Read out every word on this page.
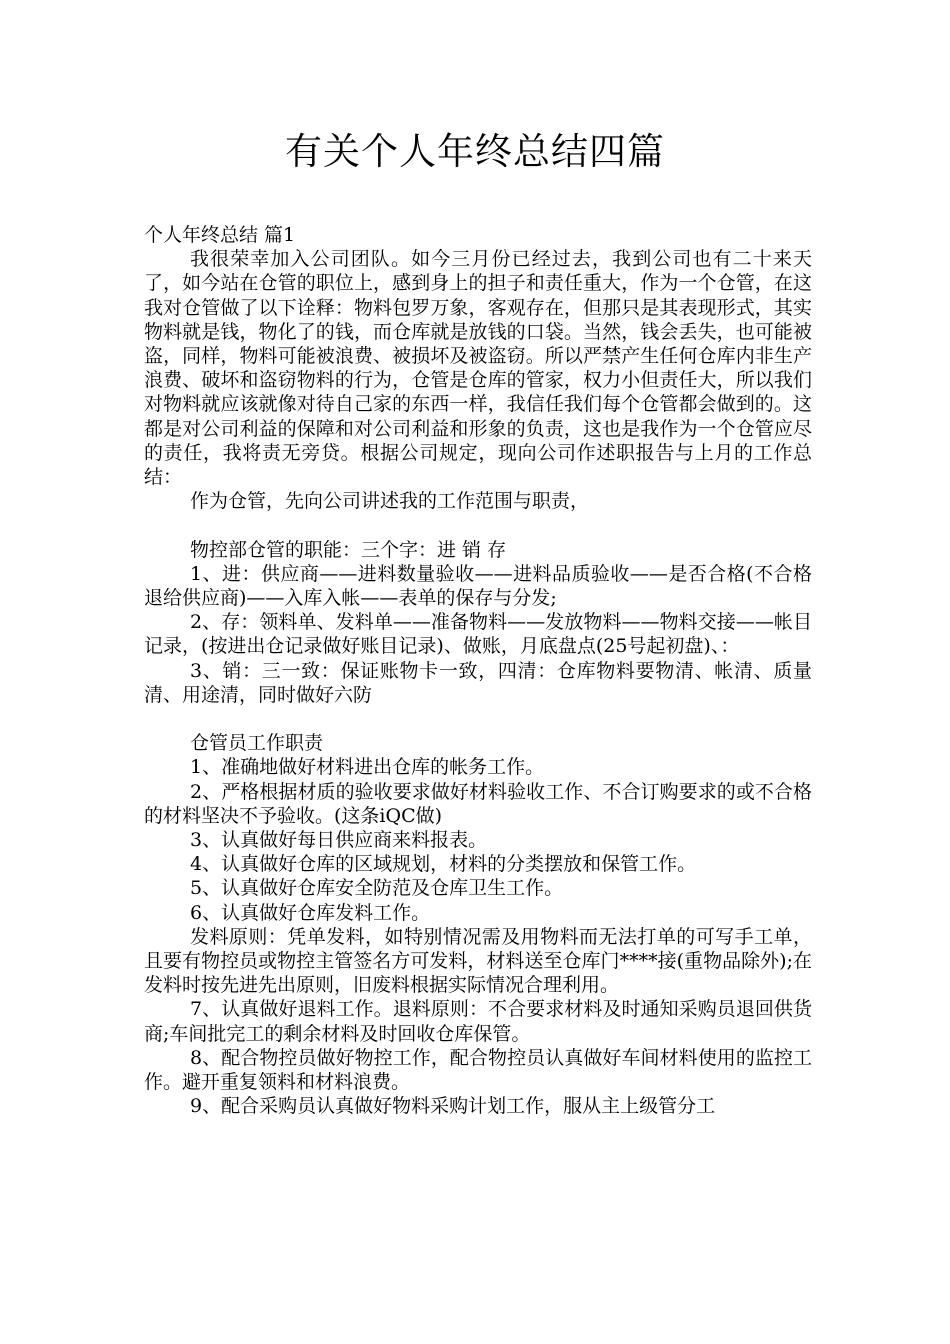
有关个人年终总结四篇

个人年终总结 篇1

我很荣幸加入公司团队。如今三月份已经过去，我到公司也有二十来天了，如今站在仓管的职位上，感到身上的担子和责任重大，作为一个仓管，在这我对仓管做了以下诠释：物料包罗万象，客观存在，但那只是其表现形式，其实物料就是钱，物化了的钱，而仓库就是放钱的口袋。当然，钱会丢失，也可能被盗，同样，物料可能被浪费、被损坏及被盗窃。所以严禁产生任何仓库内非生产浪费、破坏和盗窃物料的行为，仓管是仓库的管家，权力小但责任大，所以我们对物料就应该就像对待自己家的东西一样，我信任我们每个仓管都会做到的。这都是对公司利益的保障和对公司利益和形象的负责，这也是我作为一个仓管应尽的责任，我将责无旁贷。根据公司规定，现向公司作述职报告与上月的工作总结：

作为仓管，先向公司讲述我的工作范围与职责，

物控部仓管的职能：三个字：进 销 存

1、进：供应商——进料数量验收——进料品质验收——是否合格(不合格退给供应商)——入库入帐——表单的保存与分发;

2、存：领料单、发料单——准备物料——发放物料——物料交接——帐目记录，(按进出仓记录做好账目记录)、做账，月底盘点(25号起初盘)、：

3、销：三一致：保证账物卡一致，四清：仓库物料要物清、帐清、质量清、用途清，同时做好六防

仓管员工作职责

1、准确地做好材料进出仓库的帐务工作。

2、严格根据材质的验收要求做好材料验收工作、不合订购要求的或不合格的材料坚决不予验收。(这条iQC做)

3、认真做好每日供应商来料报表。

4、认真做好仓库的区域规划，材料的分类摆放和保管工作。

5、认真做好仓库安全防范及仓库卫生工作。

6、认真做好仓库发料工作。

发料原则：凭单发料，如特别情况需及用物料而无法打单的可写手工单，且要有物控员或物控主管签名方可发料，材料送至仓库门****接(重物品除外);在发料时按先进先出原则，旧废料根据实际情况合理利用。

7、认真做好退料工作。退料原则：不合要求材料及时通知采购员退回供货商;车间批完工的剩余材料及时回收仓库保管。

8、配合物控员做好物控工作，配合物控员认真做好车间材料使用的监控工作。避开重复领料和材料浪费。

9、配合采购员认真做好物料采购计划工作，服从主上级管分工
